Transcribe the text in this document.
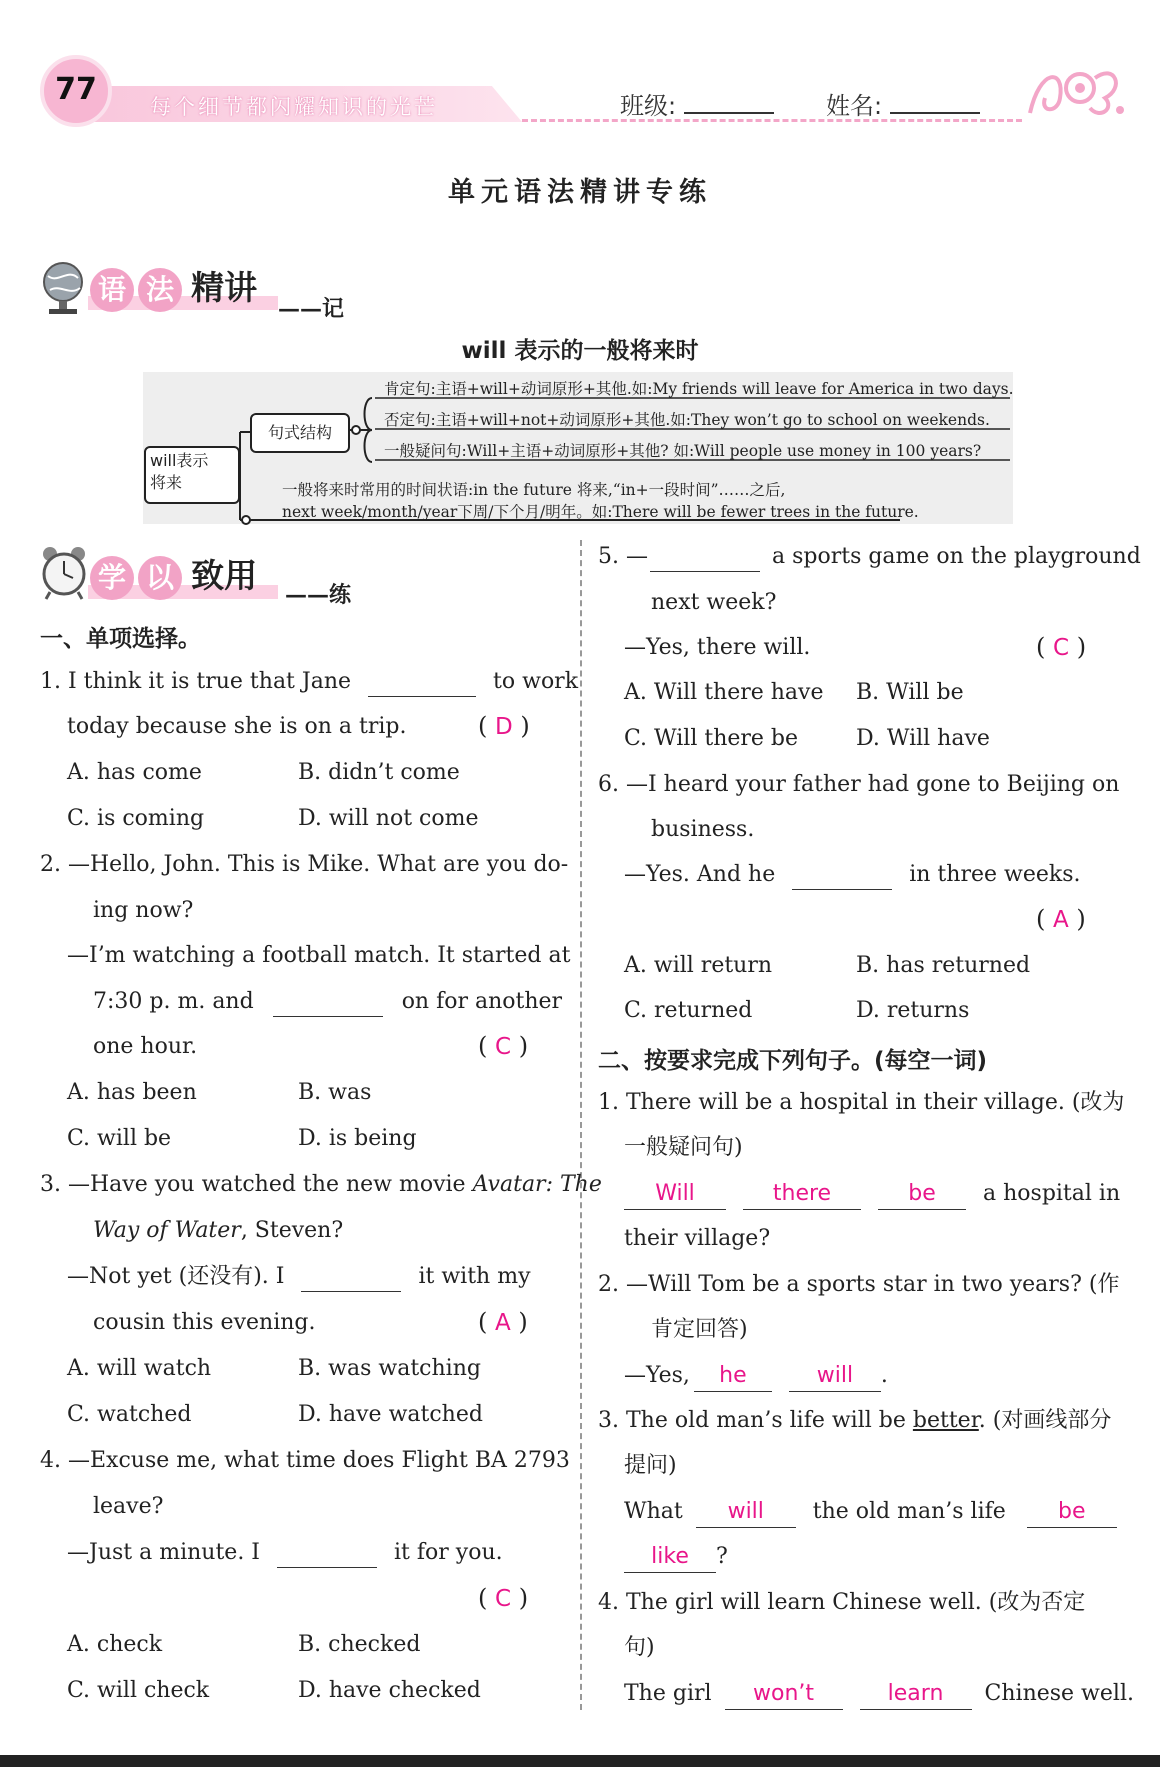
77	每个细节都闪耀知识的光芒	班级:	姓名:
单元语法精讲专练
语 法 精讲
——记
will 表示的一般将来时
will表示
将来
句式结构
肯定句:主语+will+动词原形+其他.如:My friends will leave for America in two days.
否定句:主语+will+not+动词原形+其他.如:They won’t go to school on weekends.
一般疑问句:Will+主语+动词原形+其他? 如:Will people use money in 100 years?
一般将来时常用的时间状语:in the future 将来,“in+一段时间”……之后,
next week/month/year下周/下个月/明年。如:There will be fewer trees in the future.
学 以 致用 ——练
一、单项选择。
1. I think it is true that Jane	to work
today because she is on a trip.	( D )
A. has come	B. didn’t come
C. is coming	D. will not come
2. —Hello, John. This is Mike. What are you do-
ing now?
—I’m watching a football match. It started at
7:30 p. m. and	on for another
one hour.	( C )
A. has been	B. was
C. will be	D. is being
3. —Have you watched the new movie Avatar: The
Way of Water, Steven?
—Not yet (还没有). I	it with my
cousin this evening.	( A )
A. will watch	B. was watching
C. watched	D. have watched
4. —Excuse me, what time does Flight BA 2793
leave?
—Just a minute. I	it for you.
( C )
A. check	B. checked
C. will check	D. have checked
5. —	a sports game on the playground
next week?
—Yes, there will.	( C )
A. Will there have B. Will be
C. Will there be	D. Will have
6. —I heard your father had gone to Beijing on
business.
—Yes. And he	in three weeks.
( A )
A. will return	B. has returned
C. returned	D. returns
二、按要求完成下列句子。(每空一词)
1. There will be a hospital in their village. (改为
一般疑问句)
Will	there	be a hospital in
their village?
2. —Will Tom be a sports star in two years? (作
肯定回答)
—Yes, he	will .
3. The old man’s life will be better. (对画线部分
提问)
What will the old man’s life be
like ?
4. The girl will learn Chinese well. (改为否定
句)
The girl won’t	learn Chinese well.
